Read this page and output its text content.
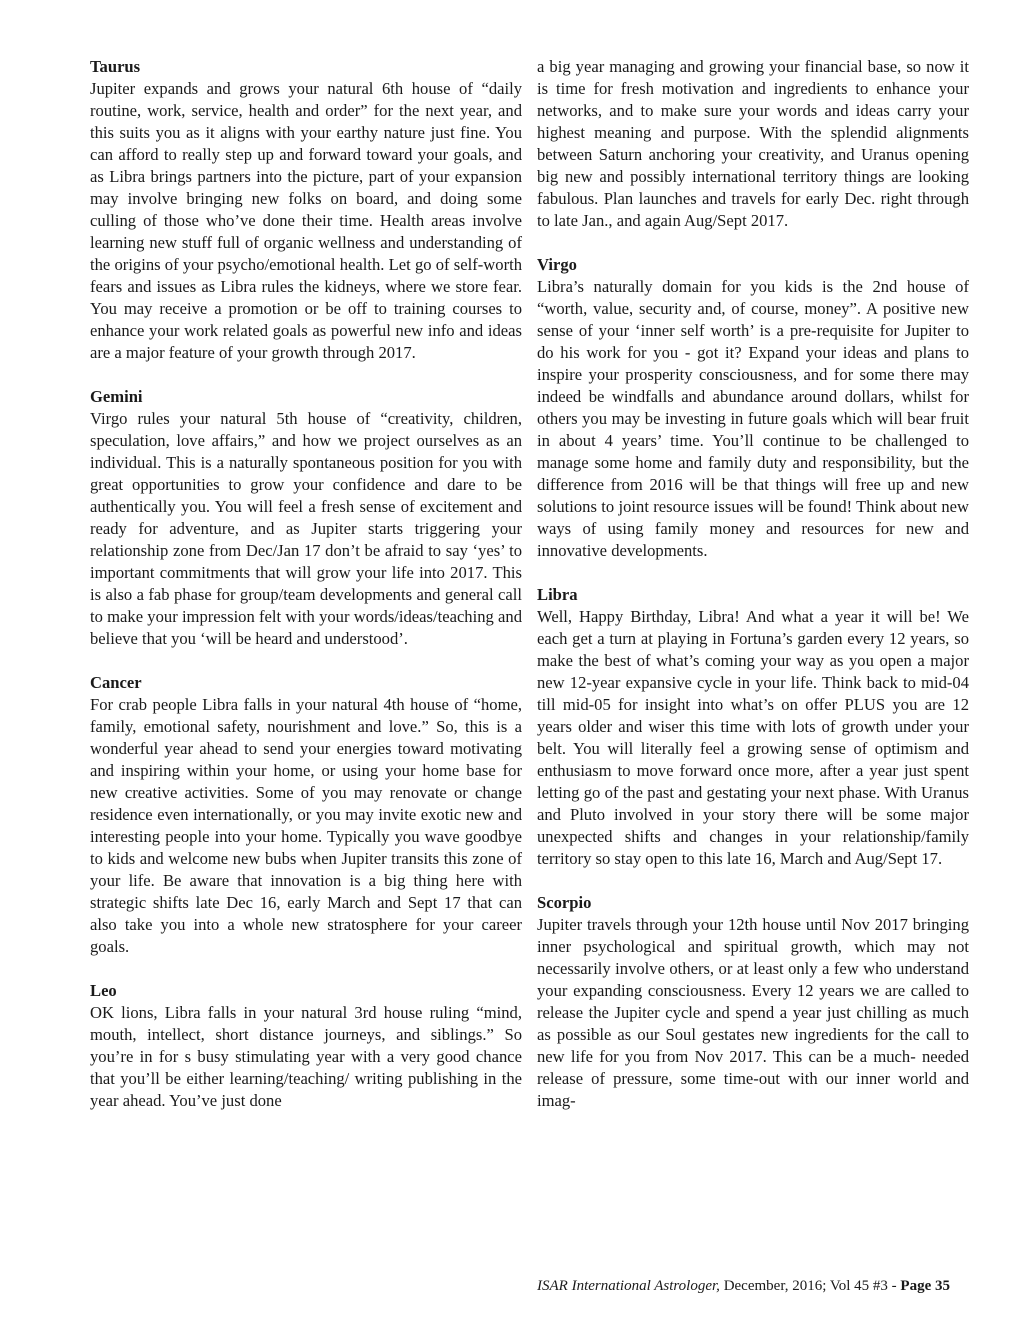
Taurus

Jupiter expands and grows your natural 6th house of “daily routine, work, service, health and order” for the next year, and this suits you as it aligns with your earthy nature just fine. You can afford to really step up and forward toward your goals, and as Libra brings partners into the picture, part of your expansion may involve bringing new folks on board, and doing some culling of those who’ve done their time. Health areas involve learning new stuff full of organic wellness and understanding of the origins of your psycho/emotional health. Let go of self-worth fears and issues as Libra rules the kidneys, where we store fear. You may receive a promotion or be off to training courses to enhance your work related goals as powerful new info and ideas are a major feature of your growth through 2017.

Gemini

Virgo rules your natural 5th house of “creativity, children, speculation, love affairs,” and how we project ourselves as an individual. This is a naturally spontaneous position for you with great opportunities to grow your confidence and dare to be authentically you. You will feel a fresh sense of excitement and ready for adventure, and as Jupiter starts triggering your relationship zone from Dec/Jan 17 don’t be afraid to say ‘yes’ to important commitments that will grow your life into 2017. This is also a fab phase for group/team developments and general call to make your impression felt with your words/ideas/teaching and believe that you ‘will be heard and understood’.

Cancer

For crab people Libra falls in your natural 4th house of “home, family, emotional safety, nourishment and love.” So, this is a wonderful year ahead to send your energies toward motivating and inspiring within your home, or using your home base for new creative activities. Some of you may renovate or change residence even internationally, or you may invite exotic new and interesting people into your home. Typically you wave goodbye to kids and welcome new bubs when Jupiter transits this zone of your life. Be aware that innovation is a big thing here with strategic shifts late Dec 16, early March and Sept 17 that can also take you into a whole new stratosphere for your career goals.

Leo

OK lions, Libra falls in your natural 3rd house ruling “mind, mouth, intellect, short distance journeys, and siblings.” So you’re in for s busy stimulating year with a very good chance that you’ll be either learning/teaching/ writing publishing in the year ahead. You’ve just done

a big year managing and growing your financial base, so now it is time for fresh motivation and ingredients to enhance your networks, and to make sure your words and ideas carry your highest meaning and purpose. With the splendid alignments between Saturn anchoring your creativity, and Uranus opening big new and possibly international territory things are looking fabulous. Plan launches and travels for early Dec. right through to late Jan., and again Aug/Sept 2017.

Virgo

Libra’s naturally domain for you kids is the 2nd house of “worth, value, security and, of course, money”. A positive new sense of your ‘inner self worth’ is a pre-requisite for Jupiter to do his work for you - got it? Expand your ideas and plans to inspire your prosperity consciousness, and for some there may indeed be windfalls and abundance around dollars, whilst for others you may be investing in future goals which will bear fruit in about 4 years’ time. You’ll continue to be challenged to manage some home and family duty and responsibility, but the difference from 2016 will be that things will free up and new solutions to joint resource issues will be found! Think about new ways of using family money and resources for new and innovative developments.

Libra

Well, Happy Birthday, Libra! And what a year it will be! We each get a turn at playing in Fortuna’s garden every 12 years, so make the best of what’s coming your way as you open a major new 12-year expansive cycle in your life. Think back to mid-04 till mid-05 for insight into what’s on offer PLUS you are 12 years older and wiser this time with lots of growth under your belt. You will literally feel a growing sense of optimism and enthusiasm to move forward once more, after a year just spent letting go of the past and gestating your next phase. With Uranus and Pluto involved in your story there will be some major unexpected shifts and changes in your relationship/family territory so stay open to this late 16, March and Aug/Sept 17.

Scorpio

Jupiter travels through your 12th house until Nov 2017 bringing inner psychological and spiritual growth, which may not necessarily involve others, or at least only a few who understand your expanding consciousness. Every 12 years we are called to release the Jupiter cycle and spend a year just chilling as much as possible as our Soul gestates new ingredients for the call to new life for you from Nov 2017. This can be a much- needed release of pressure, some time-out with our inner world and imag-

ISAR International Astrologer, December, 2016; Vol 45 #3 - Page 35
